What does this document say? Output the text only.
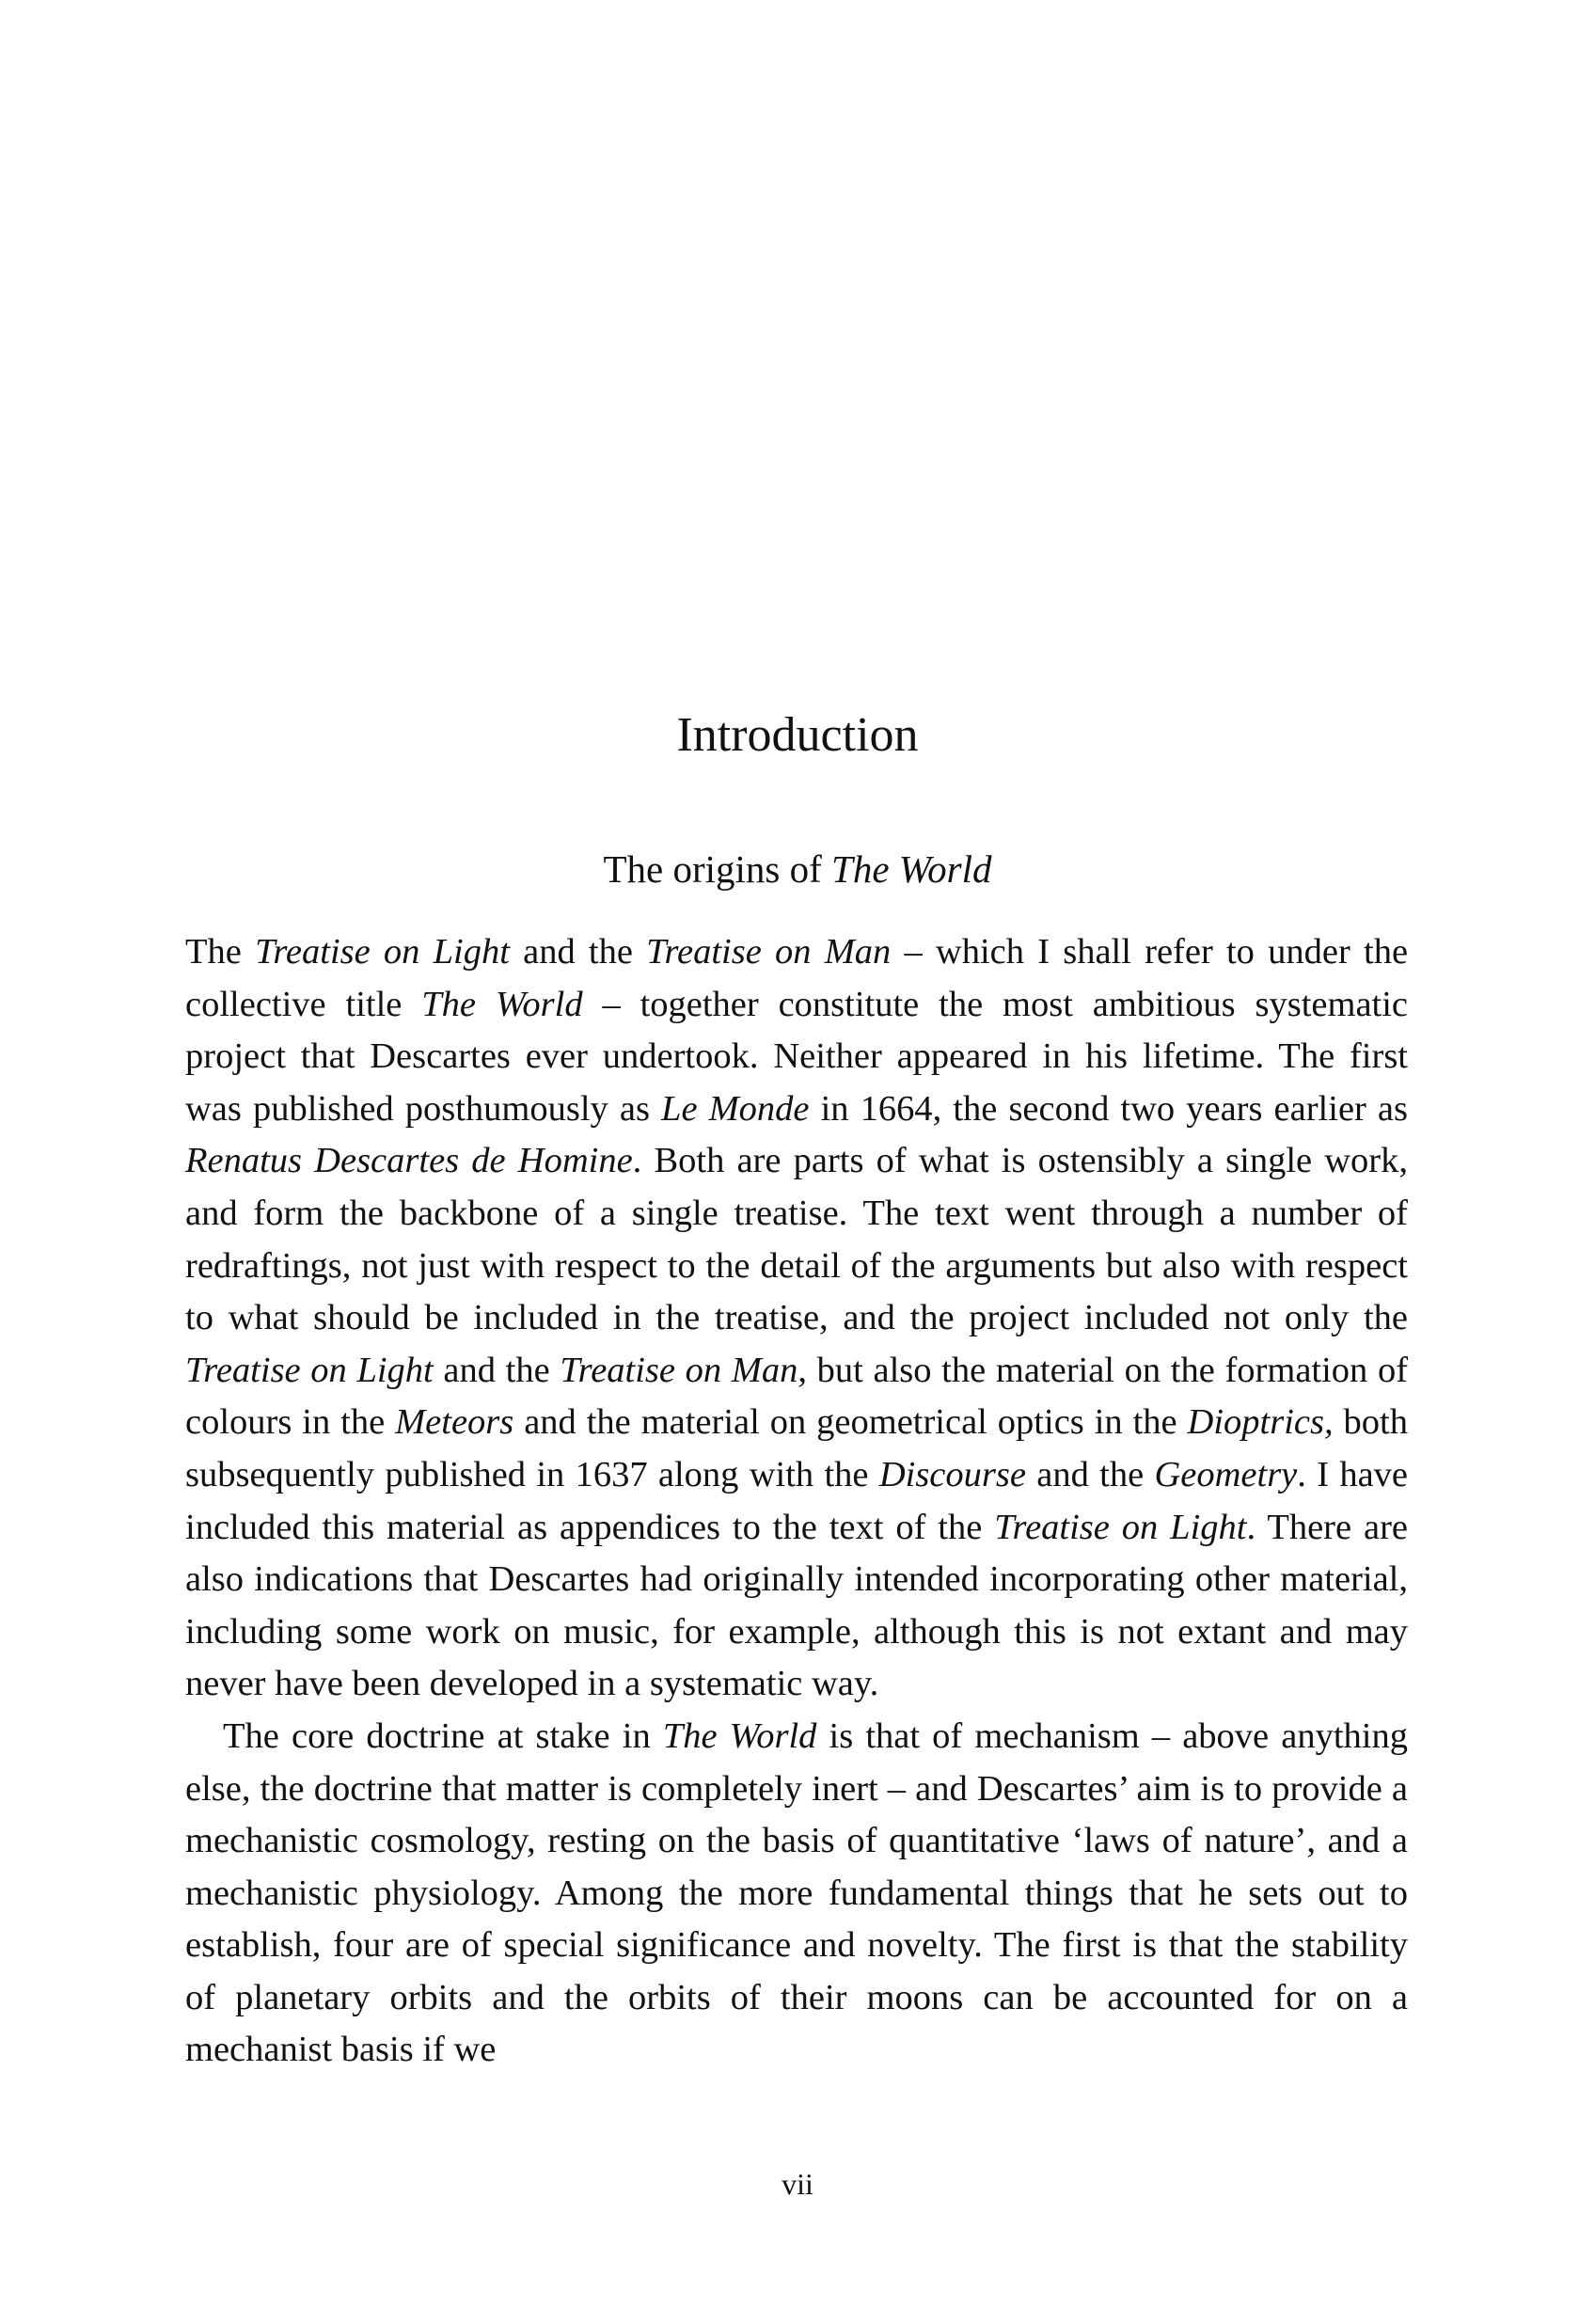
Introduction
The origins of The World

The Treatise on Light and the Treatise on Man – which I shall refer to under the collective title The World – together constitute the most ambitious systematic project that Descartes ever undertook. Neither appeared in his lifetime. The first was published posthumously as Le Monde in 1664, the second two years earlier as Renatus Descartes de Homine. Both are parts of what is ostensibly a single work, and form the backbone of a single treatise. The text went through a number of redraftings, not just with respect to the detail of the arguments but also with respect to what should be included in the treatise, and the project included not only the Treatise on Light and the Treatise on Man, but also the material on the formation of colours in the Meteors and the material on geometrical optics in the Dioptrics, both subsequently published in 1637 along with the Discourse and the Geometry. I have included this material as appendices to the text of the Treatise on Light. There are also indications that Descartes had originally intended incorporating other material, including some work on music, for example, although this is not extant and may never have been developed in a systematic way.

The core doctrine at stake in The World is that of mechanism – above anything else, the doctrine that matter is completely inert – and Descartes’ aim is to provide a mechanistic cosmology, resting on the basis of quantitative ‘laws of nature’, and a mechanistic physiology. Among the more fundamental things that he sets out to establish, four are of special significance and novelty. The first is that the stability of planetary orbits and the orbits of their moons can be accounted for on a mechanist basis if we

vii
